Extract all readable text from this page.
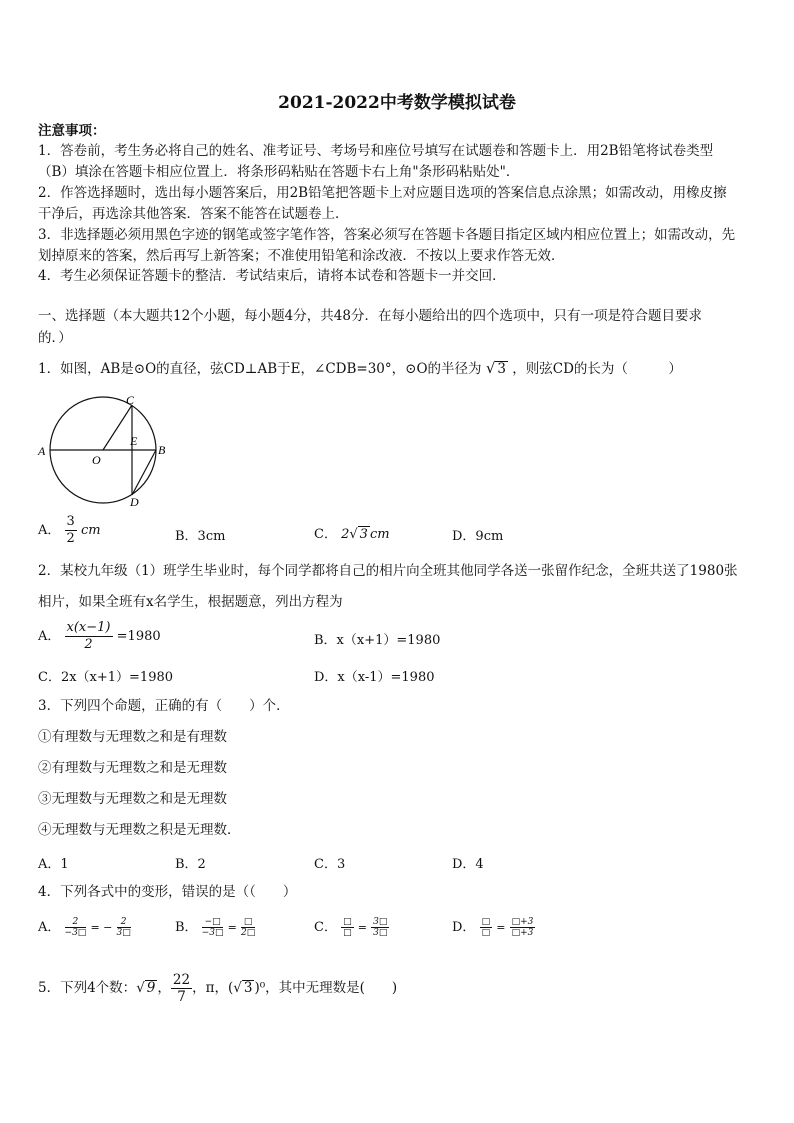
2021-2022中考数学模拟试卷
注意事项：
1．答卷前，考生务必将自己的姓名、准考证号、考场号和座位号填写在试题卷和答题卡上．用2B铅笔将试卷类型
（B）填涂在答题卡相应位置上．将条形码粘贴在答题卡右上角"条形码粘贴处"．
2．作答选择题时，选出每小题答案后，用2B铅笔把答题卡上对应题目选项的答案信息点涂黑；如需改动，用橡皮擦
干净后，再选涂其他答案．答案不能答在试题卷上．
3．非选择题必须用黑色字迹的钢笔或签字笔作答，答案必须写在答题卡各题目指定区域内相应位置上；如需改动，先
划掉原来的答案，然后再写上新答案；不准使用铅笔和涂改液．不按以上要求作答无效．
4．考生必须保证答题卡的整洁．考试结束后，请将本试卷和答题卡一并交回．
一、选择题（本大题共12个小题，每小题4分，共48分．在每小题给出的四个选项中，只有一项是符合题目要求
的．）
1．如图，AB是⊙O的直径，弦CD⊥AB于E，∠CDB=30°，⊙O的半径为 √ 3 ，则弦CD的长为（　　　）
A	B
C
D
E
O
A． $\frac{3}{2}$ cm	B．3cm	C． 2√ 3 cm	D．9cm
2．某校九年级（1）班学生毕业时，每个同学都将自己的相片向全班其他同学各送一张留作纪念，全班共送了1980张
相片，如果全班有x名学生，根据题意，列出方程为
A． $\frac{x(x-1)}{2} =1980$	B．x（x+1）=1980
C．2x（x+1）=1980	D．x（x-1）=1980
3．下列四个命题，正确的有（　　）个．
①有理数与无理数之和是有理数
②有理数与无理数之和是无理数
③无理数与无理数之和是无理数
④无理数与无理数之积是无理数．
A．1	B．2	C．3	D．4
4．下列各式中的变形，错误的是（（　　）
A． $\frac{2}{-3□}$ = − $\frac{2}{3□}$	B． $\frac{-□}{-3□} = \frac{□}{2□}$	C． $\frac{□}{□} = \frac{3□}{3□}$	D． $\frac{□}{□} = \frac{□+3}{□+3}$
5．下列4个数：√ 9 ， $\frac{22}{7}$ ，π，(√ 3 )⁰，其中无理数是(　　)
